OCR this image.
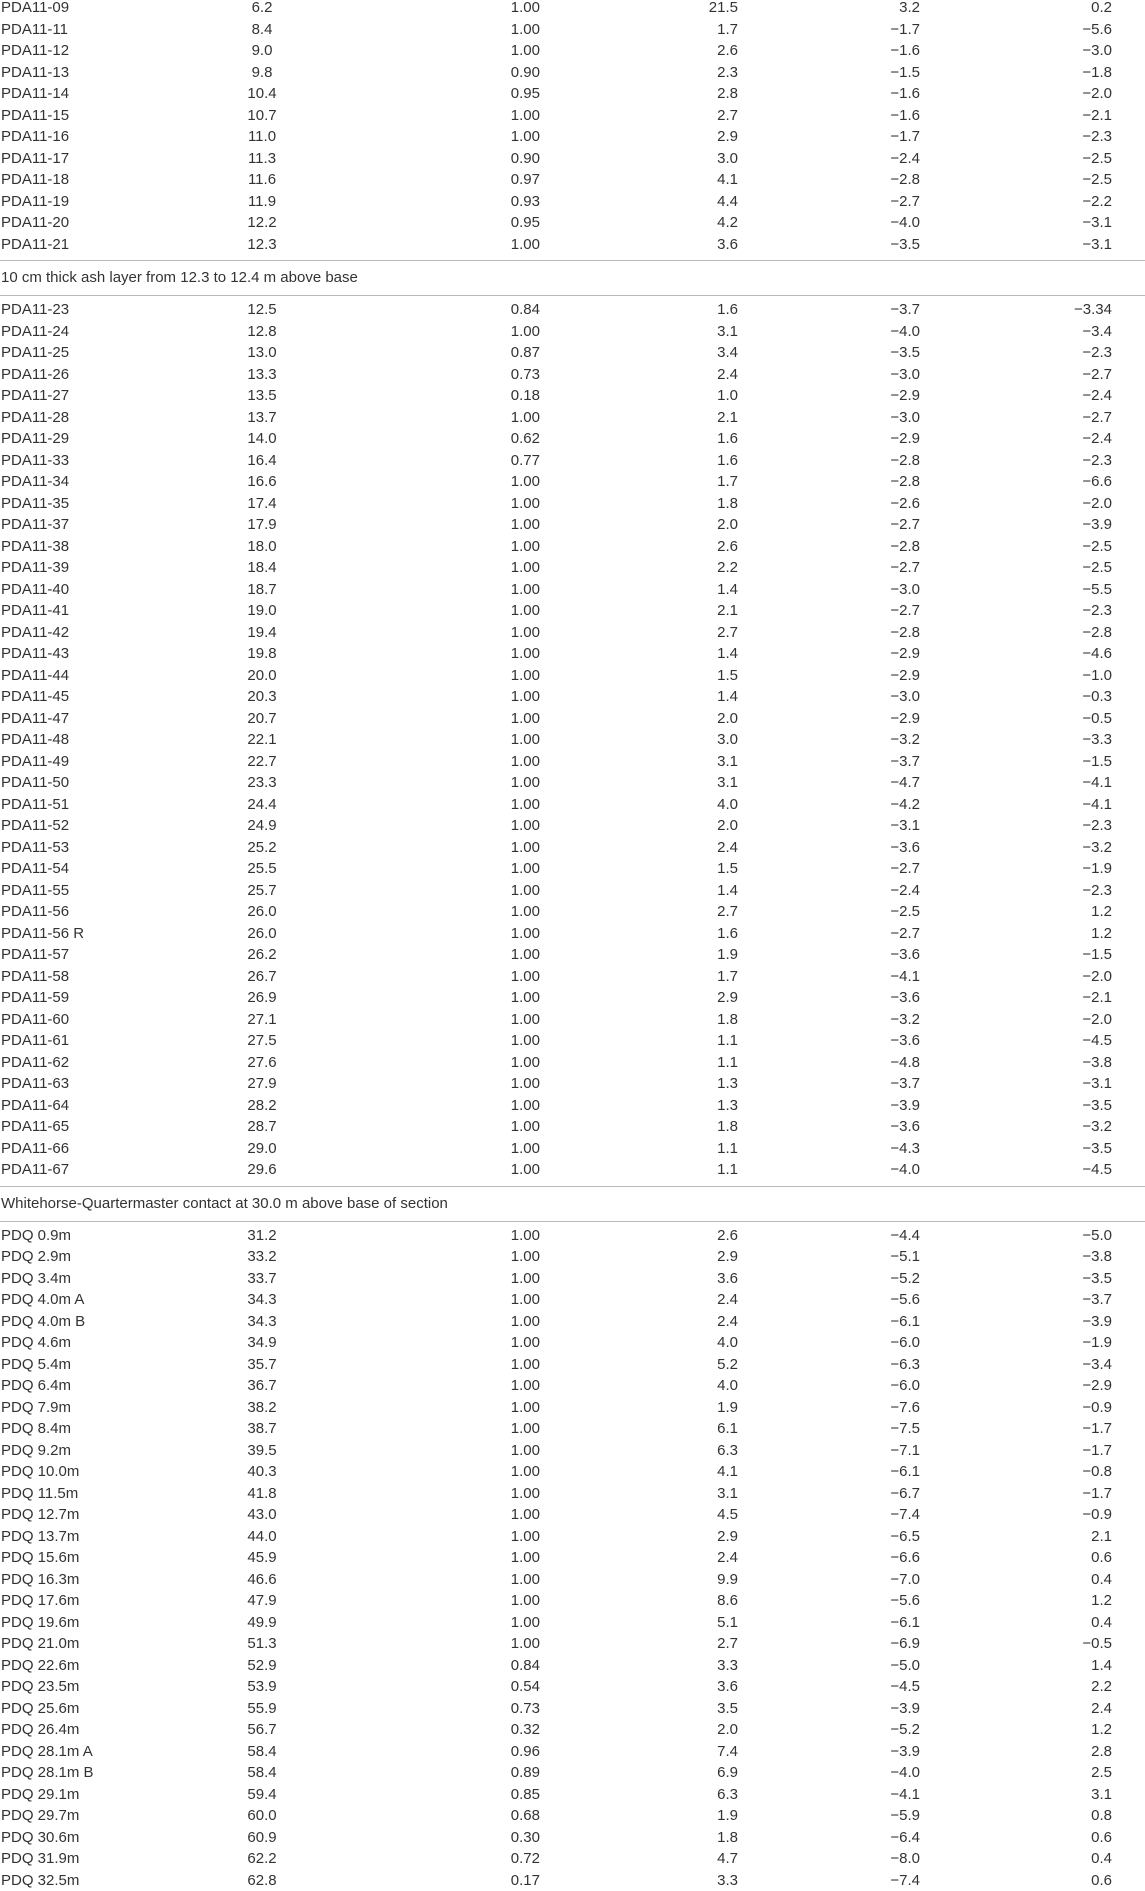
PDA11-09	6.2	1.00	21.5	3.2	0.2
PDA11-11	8.4	1.00	1.7	−1.7	−5.6
PDA11-12	9.0	1.00	2.6	−1.6	−3.0
PDA11-13	9.8	0.90	2.3	−1.5	−1.8
PDA11-14	10.4	0.95	2.8	−1.6	−2.0
PDA11-15	10.7	1.00	2.7	−1.6	−2.1
PDA11-16	11.0	1.00	2.9	−1.7	−2.3
PDA11-17	11.3	0.90	3.0	−2.4	−2.5
PDA11-18	11.6	0.97	4.1	−2.8	−2.5
PDA11-19	11.9	0.93	4.4	−2.7	−2.2
PDA11-20	12.2	0.95	4.2	−4.0	−3.1
PDA11-21	12.3	1.00	3.6	−3.5	−3.1
10 cm thick ash layer from 12.3 to 12.4 m above base
PDA11-23	12.5	0.84	1.6	−3.7	−3.34
PDA11-24	12.8	1.00	3.1	−4.0	−3.4
PDA11-25	13.0	0.87	3.4	−3.5	−2.3
PDA11-26	13.3	0.73	2.4	−3.0	−2.7
PDA11-27	13.5	0.18	1.0	−2.9	−2.4
PDA11-28	13.7	1.00	2.1	−3.0	−2.7
PDA11-29	14.0	0.62	1.6	−2.9	−2.4
PDA11-33	16.4	0.77	1.6	−2.8	−2.3
PDA11-34	16.6	1.00	1.7	−2.8	−6.6
PDA11-35	17.4	1.00	1.8	−2.6	−2.0
PDA11-37	17.9	1.00	2.0	−2.7	−3.9
PDA11-38	18.0	1.00	2.6	−2.8	−2.5
PDA11-39	18.4	1.00	2.2	−2.7	−2.5
PDA11-40	18.7	1.00	1.4	−3.0	−5.5
PDA11-41	19.0	1.00	2.1	−2.7	−2.3
PDA11-42	19.4	1.00	2.7	−2.8	−2.8
PDA11-43	19.8	1.00	1.4	−2.9	−4.6
PDA11-44	20.0	1.00	1.5	−2.9	−1.0
PDA11-45	20.3	1.00	1.4	−3.0	−0.3
PDA11-47	20.7	1.00	2.0	−2.9	−0.5
PDA11-48	22.1	1.00	3.0	−3.2	−3.3
PDA11-49	22.7	1.00	3.1	−3.7	−1.5
PDA11-50	23.3	1.00	3.1	−4.7	−4.1
PDA11-51	24.4	1.00	4.0	−4.2	−4.1
PDA11-52	24.9	1.00	2.0	−3.1	−2.3
PDA11-53	25.2	1.00	2.4	−3.6	−3.2
PDA11-54	25.5	1.00	1.5	−2.7	−1.9
PDA11-55	25.7	1.00	1.4	−2.4	−2.3
PDA11-56	26.0	1.00	2.7	−2.5	1.2
PDA11-56 R	26.0	1.00	1.6	−2.7	1.2
PDA11-57	26.2	1.00	1.9	−3.6	−1.5
PDA11-58	26.7	1.00	1.7	−4.1	−2.0
PDA11-59	26.9	1.00	2.9	−3.6	−2.1
PDA11-60	27.1	1.00	1.8	−3.2	−2.0
PDA11-61	27.5	1.00	1.1	−3.6	−4.5
PDA11-62	27.6	1.00	1.1	−4.8	−3.8
PDA11-63	27.9	1.00	1.3	−3.7	−3.1
PDA11-64	28.2	1.00	1.3	−3.9	−3.5
PDA11-65	28.7	1.00	1.8	−3.6	−3.2
PDA11-66	29.0	1.00	1.1	−4.3	−3.5
PDA11-67	29.6	1.00	1.1	−4.0	−4.5
Whitehorse-Quartermaster contact at 30.0 m above base of section
PDQ 0.9m	31.2	1.00	2.6	−4.4	−5.0
PDQ 2.9m	33.2	1.00	2.9	−5.1	−3.8
PDQ 3.4m	33.7	1.00	3.6	−5.2	−3.5
PDQ 4.0m A	34.3	1.00	2.4	−5.6	−3.7
PDQ 4.0m B	34.3	1.00	2.4	−6.1	−3.9
PDQ 4.6m	34.9	1.00	4.0	−6.0	−1.9
PDQ 5.4m	35.7	1.00	5.2	−6.3	−3.4
PDQ 6.4m	36.7	1.00	4.0	−6.0	−2.9
PDQ 7.9m	38.2	1.00	1.9	−7.6	−0.9
PDQ 8.4m	38.7	1.00	6.1	−7.5	−1.7
PDQ 9.2m	39.5	1.00	6.3	−7.1	−1.7
PDQ 10.0m	40.3	1.00	4.1	−6.1	−0.8
PDQ 11.5m	41.8	1.00	3.1	−6.7	−1.7
PDQ 12.7m	43.0	1.00	4.5	−7.4	−0.9
PDQ 13.7m	44.0	1.00	2.9	−6.5	2.1
PDQ 15.6m	45.9	1.00	2.4	−6.6	0.6
PDQ 16.3m	46.6	1.00	9.9	−7.0	0.4
PDQ 17.6m	47.9	1.00	8.6	−5.6	1.2
PDQ 19.6m	49.9	1.00	5.1	−6.1	0.4
PDQ 21.0m	51.3	1.00	2.7	−6.9	−0.5
PDQ 22.6m	52.9	0.84	3.3	−5.0	1.4
PDQ 23.5m	53.9	0.54	3.6	−4.5	2.2
PDQ 25.6m	55.9	0.73	3.5	−3.9	2.4
PDQ 26.4m	56.7	0.32	2.0	−5.2	1.2
PDQ 28.1m A	58.4	0.96	7.4	−3.9	2.8
PDQ 28.1m B	58.4	0.89	6.9	−4.0	2.5
PDQ 29.1m	59.4	0.85	6.3	−4.1	3.1
PDQ 29.7m	60.0	0.68	1.9	−5.9	0.8
PDQ 30.6m	60.9	0.30	1.8	−6.4	0.6
PDQ 31.9m	62.2	0.72	4.7	−8.0	0.4
PDQ 32.5m	62.8	0.17	3.3	−7.4	0.6
